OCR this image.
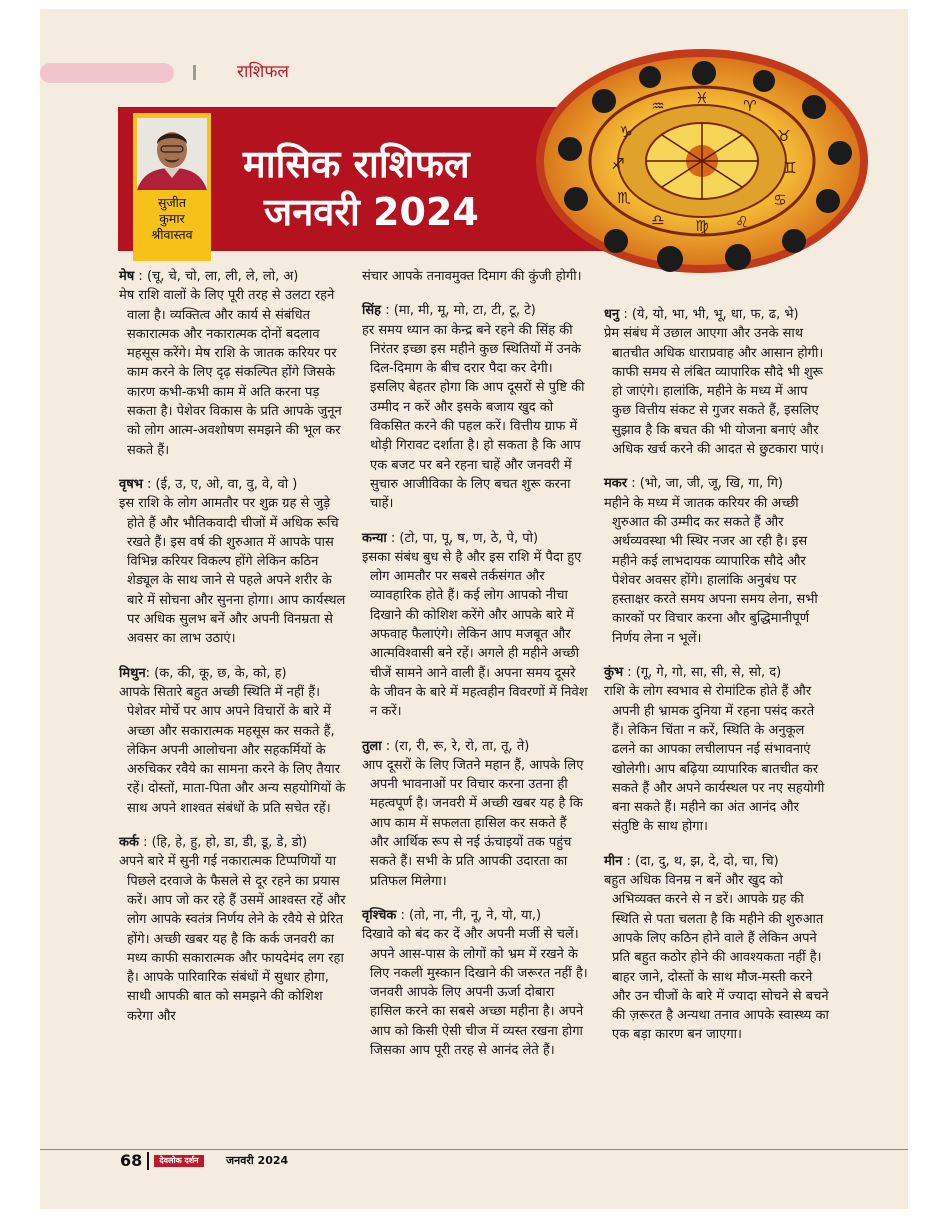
राशिफल
सुजीत
कुमार
श्रीवास्तव
मासिक राशिफल
जनवरी 2024
♓ ♈
♉
♊
♋
♌
♍
♎
♏
♐
♑
♒
मेष : (चू, चे, चो, ला, ली, ले, लो, अ)
मेष राशि वालों के लिए पूरी तरह से उलटा रहने वाला है। व्यक्तित्व और कार्य से संबंधित सकारात्मक और नकारात्मक दोनों बदलाव महसूस करेंगे। मेष राशि के जातक करियर पर काम करने के लिए दृढ़ संकल्पित होंगे जिसके कारण कभी-कभी काम में अति करना पड़ सकता है। पेशेवर विकास के प्रति आपके जुनून को लोग आत्म-अवशोषण समझने की भूल कर सकते हैं।
वृषभ : (ई, उ, ए, ओ, वा, वु, वे, वो )
इस राशि के लोग आमतौर पर शुक्र ग्रह से जुड़े होते हैं और भौतिकवादी चीजों में अधिक रूचि रखते हैं। इस वर्ष की शुरुआत में आपके पास विभिन्न करियर विकल्प होंगे लेकिन कठिन शेड्यूल के साथ जाने से पहले अपने शरीर के बारे में सोचना और सुनना होगा। आप कार्यस्थल पर अधिक सुलभ बनें और अपनी विनम्रता से अवसर का लाभ उठाएं।
मिथुन: (क, की, कू, छ, के, को, ह)
आपके सितारे बहुत अच्छी स्थिति में नहीं हैं। पेशेवर मोर्चे पर आप अपने विचारों के बारे में अच्छा और सकारात्मक महसूस कर सकते हैं, लेकिन अपनी आलोचना और सहकर्मियों के अरुचिकर रवैये का सामना करने के लिए तैयार रहें। दोस्तों, माता-पिता और अन्य सहयोगियों के साथ अपने शाश्वत संबंधों के प्रति सचेत रहें।
कर्क : (हि, हे, हु, हो, डा, डी, डू, डे, डो)
अपने बारे में सुनी गई नकारात्मक टिप्पणियों या पिछले दरवाजे के फैसले से दूर रहने का प्रयास करें। आप जो कर रहे हैं उसमें आश्वस्त रहें और लोग आपके स्वतंत्र निर्णय लेने के रवैये से प्रेरित होंगे। अच्छी खबर यह है कि कर्क जनवरी का मध्य काफी सकारात्मक और फायदेमंद लग रहा है। आपके पारिवारिक संबंधों में सुधार होगा, साथी आपकी बात को समझने की कोशिश करेगा और
संचार आपके तनावमुक्त दिमाग की कुंजी होगी।
सिंह : (मा, मी, मू, मो, टा, टी, टू, टे)
हर समय ध्यान का केन्द्र बने रहने की सिंह की निरंतर इच्छा इस महीने कुछ स्थितियों में उनके दिल-दिमाग के बीच दरार पैदा कर देगी। इसलिए बेहतर होगा कि आप दूसरों से पुष्टि की उम्मीद न करें और इसके बजाय खुद को विकसित करने की पहल करें। वित्तीय ग्राफ में थोड़ी गिरावट दर्शाता है। हो सकता है कि आप एक बजट पर बने रहना चाहें और जनवरी में सुचारु आजीविका के लिए बचत शुरू करना चाहें।
कन्या : (टो, पा, पू, ष, ण, ठे, पे, पो)
इसका संबंध बुध से है और इस राशि में पैदा हुए लोग आमतौर पर सबसे तर्कसंगत और व्यावहारिक होते हैं। कई लोग आपको नीचा दिखाने की कोशिश करेंगे और आपके बारे में अफवाह फैलाएंगे। लेकिन आप मजबूत और आत्मविश्वासी बने रहें। अगले ही महीने अच्छी चीजें सामने आने वाली हैं। अपना समय दूसरे के जीवन के बारे में महत्वहीन विवरणों में निवेश न करें।
तुला : (रा, री, रू, रे, रो, ता, तू, ते)
आप दूसरों के लिए जितने महान हैं, आपके लिए अपनी भावनाओं पर विचार करना उतना ही महत्वपूर्ण है। जनवरी में अच्छी खबर यह है कि आप काम में सफलता हासिल कर सकते हैं और आर्थिक रूप से नई ऊंचाइयों तक पहुंच सकते हैं। सभी के प्रति आपकी उदारता का प्रतिफल मिलेगा।
वृश्चिक : (तो, ना, नी, नू, ने, यो, या,)
दिखावे को बंद कर दें और अपनी मर्जी से चलें। अपने आस-पास के लोगों को भ्रम में रखने के लिए नकली मुस्कान दिखाने की जरूरत नहीं है। जनवरी आपके लिए अपनी ऊर्जा दोबारा हासिल करने का सबसे अच्छा महीना है। अपने आप को किसी ऐसी चीज में व्यस्त रखना होगा जिसका आप पूरी तरह से आनंद लेते हैं।
धनु : (ये, यो, भा, भी, भू, धा, फ, ढ, भे)
प्रेम संबंध में उछाल आएगा और उनके साथ बातचीत अधिक धाराप्रवाह और आसान होगी। काफी समय से लंबित व्यापारिक सौदे भी शुरू हो जाएंगे। हालांकि, महीने के मध्य में आप कुछ वित्तीय संकट से गुजर सकते हैं, इसलिए सुझाव है कि बचत की भी योजना बनाएं और अधिक खर्च करने की आदत से छुटकारा पाएं।
मकर : (भो, जा, जी, जू, खि, गा, गि)
महीने के मध्य में जातक करियर की अच्छी शुरुआत की उम्मीद कर सकते हैं और अर्थव्यवस्था भी स्थिर नजर आ रही है। इस महीने कई लाभदायक व्यापारिक सौदे और पेशेवर अवसर होंगे। हालांकि अनुबंध पर हस्ताक्षर करते समय अपना समय लेना, सभी कारकों पर विचार करना और बुद्धिमानीपूर्ण निर्णय लेना न भूलें।
कुंभ : (गू, गे, गो, सा, सी, से, सो, द)
राशि के लोग स्वभाव से रोमांटिक होते हैं और अपनी ही भ्रामक दुनिया में रहना पसंद करते हैं। लेकिन चिंता न करें, स्थिति के अनुकूल ढलने का आपका लचीलापन नई संभावनाएं खोलेगी। आप बढ़िया व्यापारिक बातचीत कर सकते हैं और अपने कार्यस्थल पर नए सहयोगी बना सकते हैं। महीने का अंत आनंद और संतुष्टि के साथ होगा।
मीन : (दा, दु, थ, झ, दे, दो, चा, चि)
बहुत अधिक विनम्र न बनें और खुद को अभिव्यक्त करने से न डरें। आपके ग्रह की स्थिति से पता चलता है कि महीने की शुरुआत आपके लिए कठिन होने वाले हैं लेकिन अपने प्रति बहुत कठोर होने की आवश्यकता नहीं है। बाहर जाने, दोस्तों के साथ मौज-मस्ती करने और उन चीजों के बारे में ज्यादा सोचने से बचने की ज़रूरत है अन्यथा तनाव आपके स्वास्थ्य का एक बड़ा कारण बन जाएगा।
68	देवलोक दर्शन	जनवरी 2024
